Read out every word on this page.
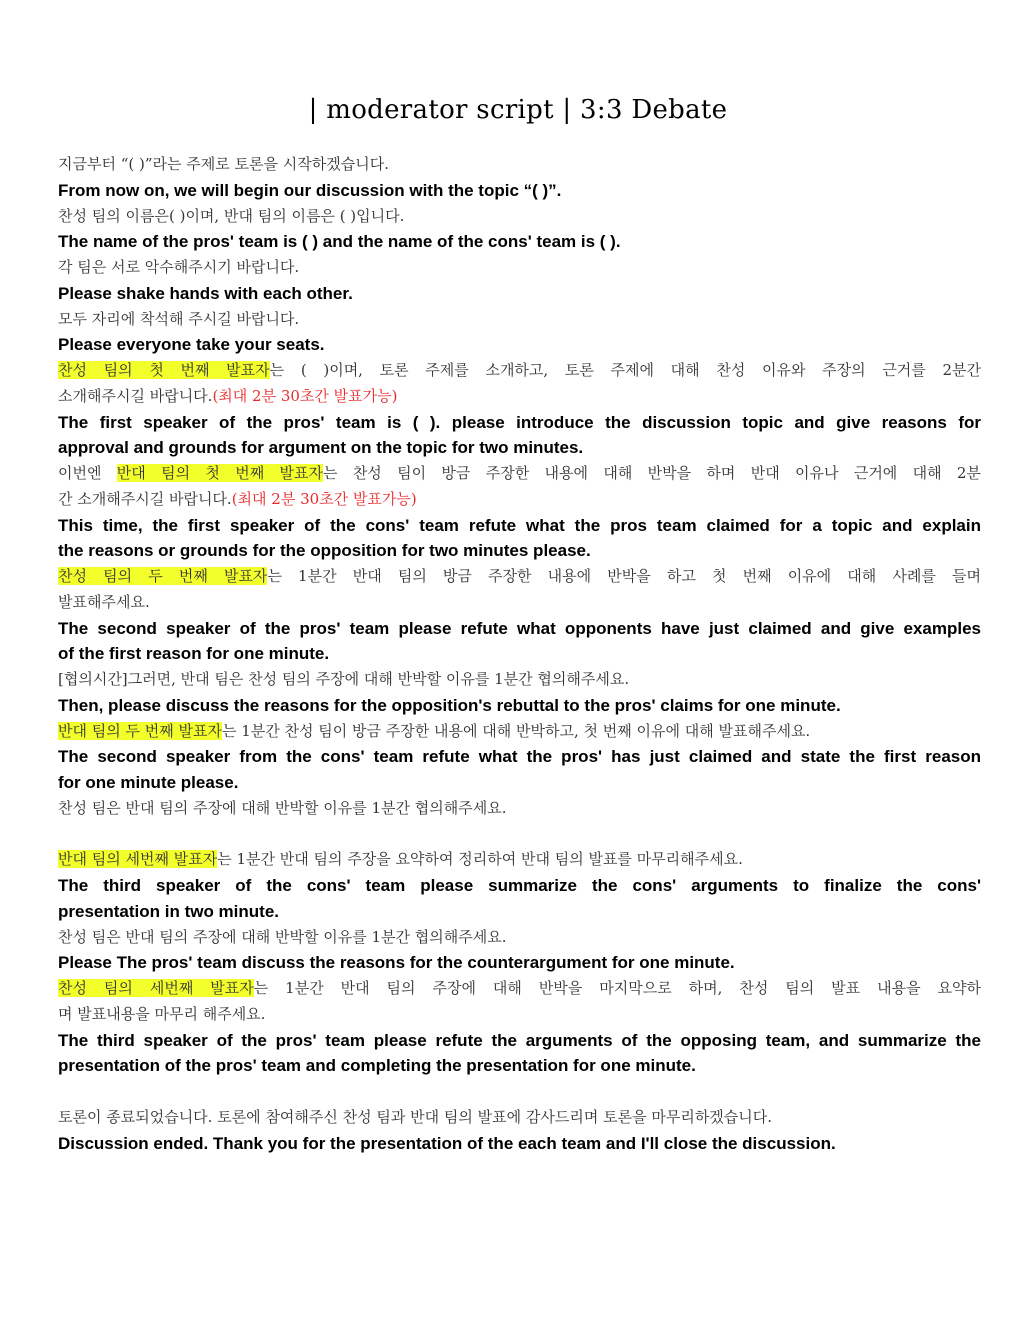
| moderator script | 3:3 Debate
지금부터 “( )”라는 주제로 토론을 시작하겠습니다.
From now on, we will begin our discussion with the topic “( )”.
찬성 팀의 이름은( )이며, 반대 팀의 이름은 ( )입니다.
The name of the pros' team is ( ) and the name of the cons' team is ( ).
각 팀은 서로 악수해주시기 바랍니다.
Please shake hands with each other.
모두 자리에 착석해 주시길 바랍니다.
Please everyone take your seats.
찬성 팀의 첫 번째 발표자는 ( )이며, 토론 주제를 소개하고, 토론 주제에 대해 찬성 이유와 주장의 근거를 2분간
소개해주시길 바랍니다.(최대 2분 30초간 발표가능)
The first speaker of the pros' team is ( ). please introduce the discussion topic and give reasons for
approval and grounds for argument on the topic for two minutes.
이번엔 반대 팀의 첫 번째 발표자는 찬성 팀이 방금 주장한 내용에 대해 반박을 하며 반대 이유나 근거에 대해 2분
간 소개해주시길 바랍니다.(최대 2분 30초간 발표가능)
This time, the first speaker of the cons' team refute what the pros team claimed for a topic and explain
the reasons or grounds for the opposition for two minutes please.
찬성 팀의 두 번째 발표자는 1분간 반대 팀의 방금 주장한 내용에 반박을 하고 첫 번째 이유에 대해 사례를 들며
발표해주세요.
The second speaker of the pros' team please refute what opponents have just claimed and give examples
of the first reason for one minute.
[협의시간]그러면, 반대 팀은 찬성 팀의 주장에 대해 반박할 이유를 1분간 협의해주세요.
Then, please discuss the reasons for the opposition's rebuttal to the pros' claims for one minute.
반대 팀의 두 번째 발표자는 1분간 찬성 팀이 방금 주장한 내용에 대해 반박하고, 첫 번째 이유에 대해 발표해주세요.
The second speaker from the cons' team refute what the pros' has just claimed and state the first reason
for one minute please.
찬성 팀은 반대 팀의 주장에 대해 반박할 이유를 1분간 협의해주세요.
반대 팀의 세번째 발표자는 1분간 반대 팀의 주장을 요약하여 정리하여 반대 팀의 발표를 마무리해주세요.
The third speaker of the cons' team please summarize the cons' arguments to finalize the cons'
presentation in two minute.
찬성 팀은 반대 팀의 주장에 대해 반박할 이유를 1분간 협의해주세요.
Please The pros' team discuss the reasons for the counterargument for one minute.
찬성 팀의 세번째 발표자는 1분간 반대 팀의 주장에 대해 반박을 마지막으로 하며, 찬성 팀의 발표 내용을 요약하
며 발표내용을 마무리 해주세요.
The third speaker of the pros' team please refute the arguments of the opposing team, and summarize the
presentation of the pros' team and completing the presentation for one minute.
토론이 종료되었습니다. 토론에 참여해주신 찬성 팀과 반대 팀의 발표에 감사드리며 토론을 마무리하겠습니다.
Discussion ended. Thank you for the presentation of the each team and I'll close the discussion.
